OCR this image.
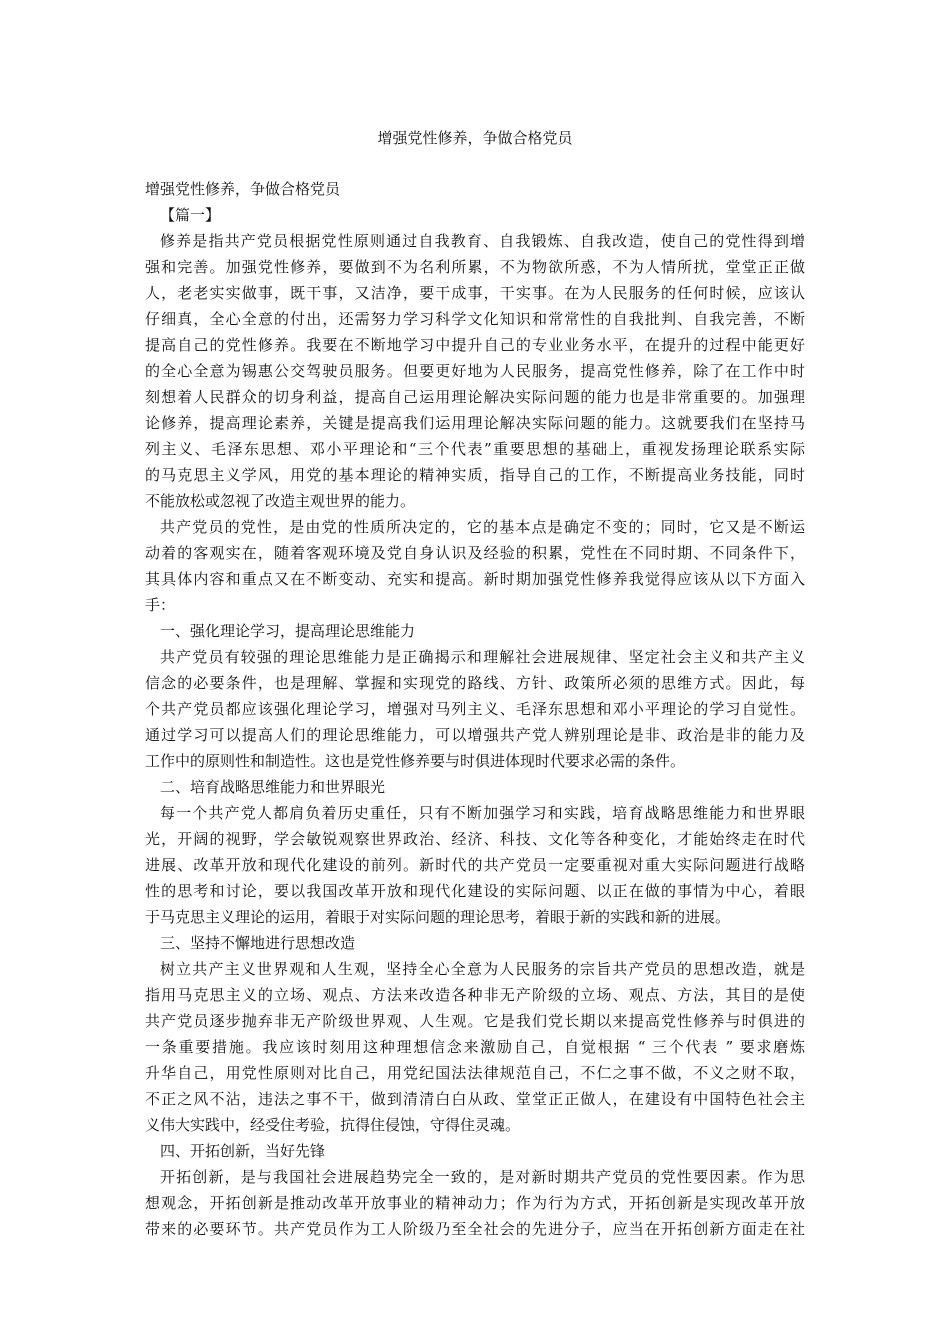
增强党性修养，争做合格党员

增强党性修养，争做合格党员

【篇一】

修养是指共产党员根据党性原则通过自我教育、自我锻炼、自我改造，使自己的党性得到增

强和完善。加强党性修养，要做到不为名利所累，不为物欲所惑，不为人情所扰，堂堂正正做

人，老老实实做事，既干事，又洁净，要干成事，干实事。在为人民服务的任何时候，应该认

仔细真，全心全意的付出，还需努力学习科学文化知识和常常性的自我批判、自我完善，不断

提高自己的党性修养。我要在不断地学习中提升自己的专业业务水平，在提升的过程中能更好

的全心全意为锡惠公交驾驶员服务。但要更好地为人民服务，提高党性修养，除了在工作中时

刻想着人民群众的切身利益，提高自己运用理论解决实际问题的能力也是非常重要的。加强理

论修养，提高理论素养，关键是提高我们运用理论解决实际问题的能力。这就要我们在坚持马

列主义、毛泽东思想、邓小平理论和“三个代表”重要思想的基础上，重视发扬理论联系实际

的马克思主义学风，用党的基本理论的精神实质，指导自己的工作，不断提高业务技能，同时

不能放松或忽视了改造主观世界的能力。

共产党员的党性，是由党的性质所决定的，它的基本点是确定不变的；同时，它又是不断运

动着的客观实在，随着客观环境及党自身认识及经验的积累，党性在不同时期、不同条件下，

其具体内容和重点又在不断变动、充实和提高。新时期加强党性修养我觉得应该从以下方面入

手：

一、强化理论学习，提高理论思维能力

共产党员有较强的理论思维能力是正确揭示和理解社会进展规律、坚定社会主义和共产主义

信念的必要条件，也是理解、掌握和实现党的路线、方针、政策所必须的思维方式。因此，每

个共产党员都应该强化理论学习，增强对马列主义、毛泽东思想和邓小平理论的学习自觉性。

通过学习可以提高人们的理论思维能力，可以增强共产党人辨别理论是非、政治是非的能力及

工作中的原则性和制造性。这也是党性修养要与时俱进体现时代要求必需的条件。

二、培育战略思维能力和世界眼光

每一个共产党人都肩负着历史重任，只有不断加强学习和实践，培育战略思维能力和世界眼

光，开阔的视野，学会敏锐观察世界政治、经济、科技、文化等各种变化，才能始终走在时代

进展、改革开放和现代化建设的前列。新时代的共产党员一定要重视对重大实际问题进行战略

性的思考和讨论，要以我国改革开放和现代化建设的实际问题、以正在做的事情为中心，着眼

于马克思主义理论的运用，着眼于对实际问题的理论思考，着眼于新的实践和新的进展。

三、坚持不懈地进行思想改造

树立共产主义世界观和人生观，坚持全心全意为人民服务的宗旨共产党员的思想改造，就是

指用马克思主义的立场、观点、方法来改造各种非无产阶级的立场、观点、方法，其目的是使

共产党员逐步抛弃非无产阶级世界观、人生观。它是我们党长期以来提高党性修养与时俱进的

一条重要措施。我应该时刻用这种理想信念来激励自己，自觉根据 “ 三个代表 ” 要求磨炼

升华自己，用党性原则对比自己，用党纪国法法律规范自己，不仁之事不做，不义之财不取，

不正之风不沾，违法之事不干，做到清清白白从政、堂堂正正做人，在建设有中国特色社会主

义伟大实践中，经受住考验，抗得住侵蚀，守得住灵魂。

四、开拓创新，当好先锋

开拓创新，是与我国社会进展趋势完全一致的，是对新时期共产党员的党性要因素。作为思

想观念，开拓创新是推动改革开放事业的精神动力；作为行为方式，开拓创新是实现改革开放

带来的必要环节。共产党员作为工人阶级乃至全社会的先进分子，应当在开拓创新方面走在社
